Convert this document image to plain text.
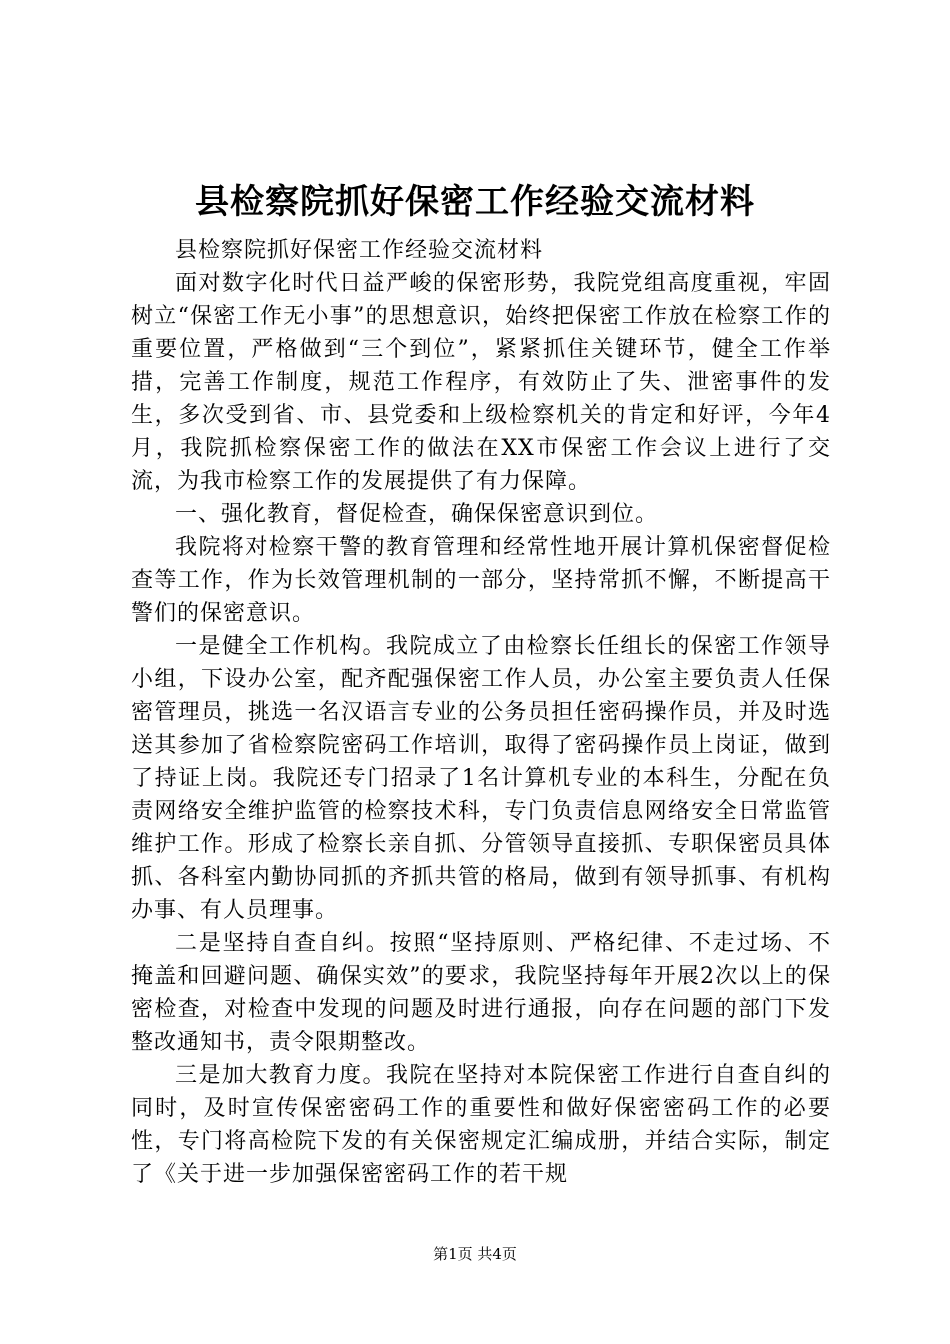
县检察院抓好保密工作经验交流材料

县检察院抓好保密工作经验交流材料

面对数字化时代日益严峻的保密形势，我院党组高度重视，牢固树立“保密工作无小事”的思想意识，始终把保密工作放在检察工作的重要位置，严格做到“三个到位”，紧紧抓住关键环节，健全工作举措，完善工作制度，规范工作程序，有效防止了失、泄密事件的发生，多次受到省、市、县党委和上级检察机关的肯定和好评，今年4月，我院抓检察保密工作的做法在XX市保密工作会议上进行了交流，为我市检察工作的发展提供了有力保障。

一、强化教育，督促检查，确保保密意识到位。

我院将对检察干警的教育管理和经常性地开展计算机保密督促检查等工作，作为长效管理机制的一部分，坚持常抓不懈，不断提高干警们的保密意识。

一是健全工作机构。我院成立了由检察长任组长的保密工作领导小组，下设办公室，配齐配强保密工作人员，办公室主要负责人任保密管理员，挑选一名汉语言专业的公务员担任密码操作员，并及时选送其参加了省检察院密码工作培训，取得了密码操作员上岗证，做到了持证上岗。我院还专门招录了1名计算机专业的本科生，分配在负责网络安全维护监管的检察技术科，专门负责信息网络安全日常监管维护工作。形成了检察长亲自抓、分管领导直接抓、专职保密员具体抓、各科室内勤协同抓的齐抓共管的格局，做到有领导抓事、有机构办事、有人员理事。

二是坚持自查自纠。按照“坚持原则、严格纪律、不走过场、不掩盖和回避问题、确保实效”的要求，我院坚持每年开展2次以上的保密检查，对检查中发现的问题及时进行通报，向存在问题的部门下发整改通知书，责令限期整改。

三是加大教育力度。我院在坚持对本院保密工作进行自查自纠的同时，及时宣传保密密码工作的重要性和做好保密密码工作的必要性，专门将高检院下发的有关保密规定汇编成册，并结合实际，制定了《关于进一步加强保密密码工作的若干规

第1页 共4页
